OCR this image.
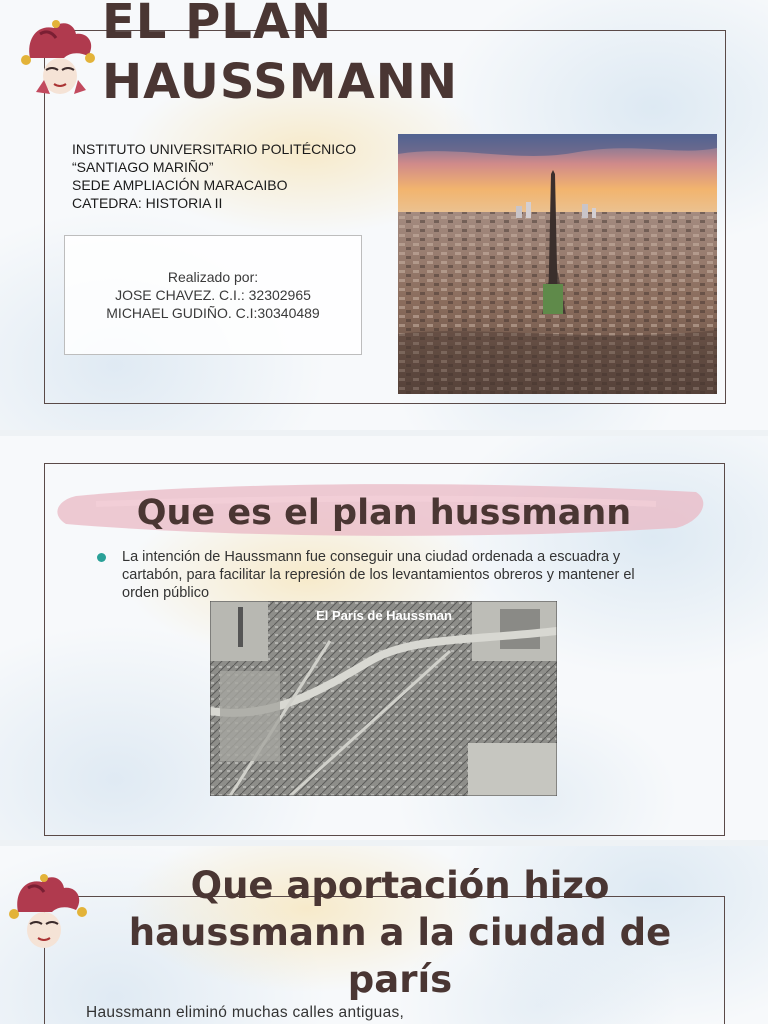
EL PLAN
HAUSSMANN
INSTITUTO UNIVERSITARIO POLITÉCNICO
“SANTIAGO MARIÑO”
SEDE AMPLIACIÓN MARACAIBO
CATEDRA: HISTORIA II
Realizado por:
JOSE CHAVEZ. C.I.: 32302965
MICHAEL GUDIÑO. C.I:30340489
Que es el plan hussmann

La intención de Haussmann fue conseguir una ciudad ordenada a escuadra y cartabón, para facilitar la represión de los levantamientos obreros y mantener el orden público

El París de Haussman
Que aportación hizo
haussmann a la ciudad de
parís
Haussmann eliminó muchas calles antiguas,
